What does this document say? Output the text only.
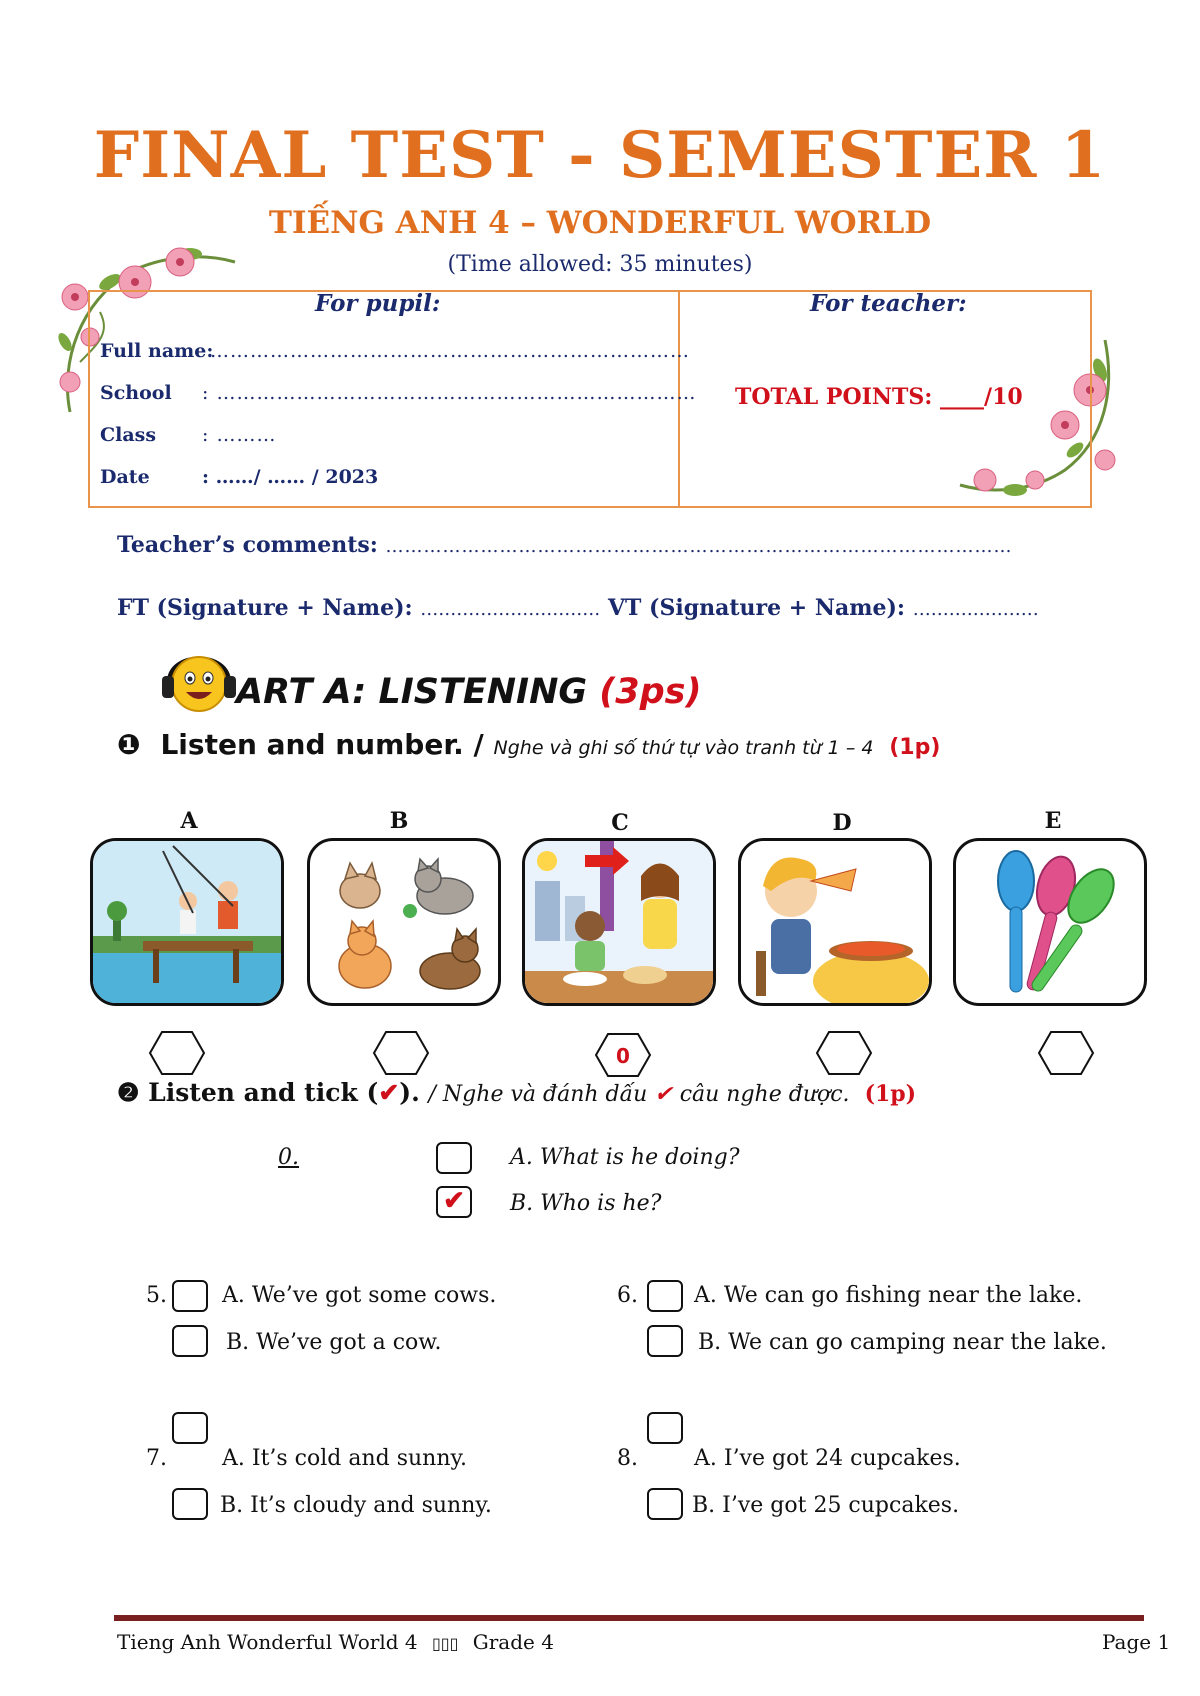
FINAL TEST - SEMESTER 1
TIẾNG ANH 4 – WONDERFUL WORLD
(Time allowed: 35 minutes)
For pupil:	For teacher:
Full name:
………………………………………………………………
School : ………………………………………………………………
Class : ………
Date	: ……/ …… / 2023
TOTAL POINTS: ____/10
Teacher’s comments: ………………………………………………………………………………………
FT (Signature + Name): ………………………… VT (Signature + Name): …………………
ART A: LISTENING (3ps)
❶ Listen and number. / Nghe và ghi số thứ tự vào tranh từ 1 – 4 (1p)
A	B	C	D	E
0
❷ Listen and tick (✔). / Nghe và đánh dấu ✔ câu nghe được. (1p)
0.	A. What is he doing?
✔	B. Who is he?
5.	A. We’ve got some cows.
B. We’ve got a cow.
6.	A. We can go fishing near the lake.
B. We can go camping near the lake.
7.	A. It’s cold and sunny.
B. It’s cloudy and sunny.
8.	A. I’ve got 24 cupcakes.
B. I’ve got 25 cupcakes.
Tieng Anh Wonderful World 4 ▯▯▯ Grade 4	Page 1
